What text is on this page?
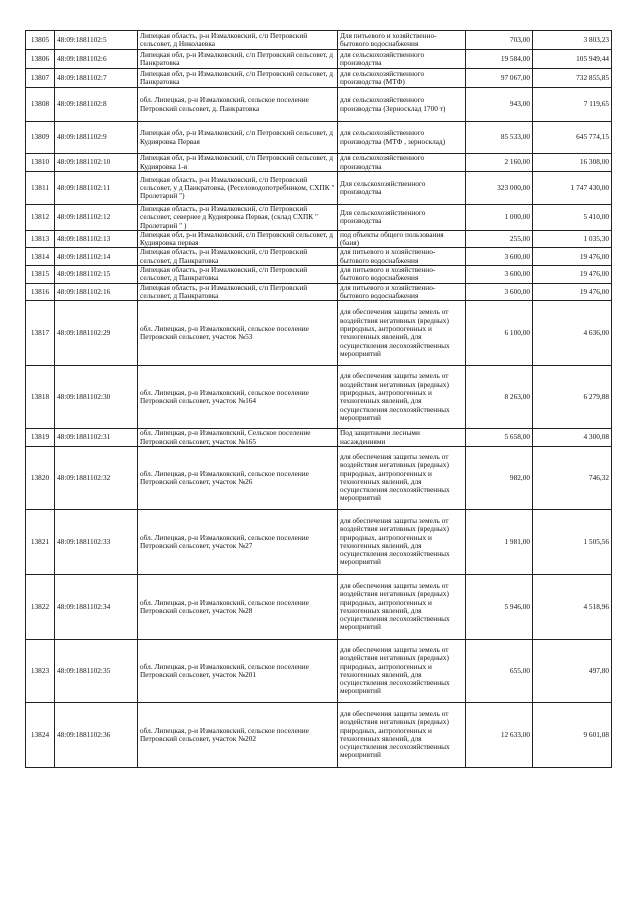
13805	48:09:1881102:5	Липецкая область, р-н Измалковский, с/п Петровский сельсовет, д Николаевка	Для питьевого и хозяйственно-бытового водоснабжения	703,00	3 803,23
13806	48:09:1881102:6	Липецкая обл, р-н Измалковский, с/п Петровский сельсовет, д Панкратовка	для сельскохозяйственного производства	19 584,00	105 949,44
13807	48:09:1881102:7	Липецкая обл, р-н Измалковский, с/п Петровский сельсовет, д Панкратовка	для сельскохозяйственного производства (МТФ)	97 067,00	732 855,85
13808	48:09:1881102:8	обл. Липецкая, р-н Измалковский, сельское поселение Петровский сельсовет, д. Панкратовка	для сельскохозяйственного производства (Зерносклад 1700 т)	943,00	7 119,65
13809	48:09:1881102:9	Липецкая обл, р-н Измалковский, с/п Петровский сельсовет, д Кудияровка Первая	для сельскохозяйственного производства (МТФ , зерносклад)	85 533,00	645 774,15
13810	48:09:1881102:10	Липецкая обл, р-н Измалковский, с/п Петровский сельсовет, д Кудияровка 1-я	для сельскохозяйственного производства	2 160,00	16 308,00
13811	48:09:1881102:11	Липецкая область, р-н Измалковский, с/п Петровский сельсовет, у д Панкратовка, (Реселоводопотребником, СХПК " Пролетарий ")	Для сельскохозяйственного производства	323 000,00	1 747 430,00
13812	48:09:1881102:12	Липецкая область, р-н Измалковский, с/п Петровский сельсовет, севернее д Кудияровка Первая, (склад СХПК " Пролетарий " )	Для сельскохозяйственного производства	1 000,00	5 410,00
13813	48:09:1881102:13	Липецкая обл, р-н Измалковский, с/п Петровский сельсовет, д Кудияровка первая	под объекты общего пользования (баня)	255,00	1 035,30
13814	48:09:1881102:14	Липецкая область, р-н Измалковский, с/п Петровский сельсовет, д Панкратовка	для питьевого и хозяйственно-бытового водоснабжения	3 600,00	19 476,00
13815	48:09:1881102:15	Липецкая область, р-н Измалковский, с/п Петровский сельсовет, д Панкратовка	для питьевого и хозяйственно-бытового водоснабжения	3 600,00	19 476,00
13816	48:09:1881102:16	Липецкая область, р-н Измалковский, с/п Петровский сельсовет, д Панкратовка	для питьевого и хозяйственно-бытового водоснабжения	3 600,00	19 476,00
13817	48:09:1881102:29	обл. Липецкая, р-н Измалковский, сельское поселение Петровский сельсовет, участок №53	для обеспечения защиты земель от воздействия негативных (вредных) природных, антропогенных и техногенных явлений, для осуществления лесохозяйственных мероприятий	6 100,00	4 636,00
13818	48:09:1881102:30	обл. Липецкая, р-н Измалковский, сельское поселение Петровский сельсовет, участок №164	для обеспечения защиты земель от воздействия негативных (вредных) природных, антропогенных и техногенных явлений, для осуществления лесохозяйственных мероприятий	8 263,00	6 279,88
13819	48:09:1881102:31	обл. Липецкая, р-н Измалковский, Сельское поселение Петровский сельсовет, участок №165	Под защитными лесными насаждениями	5 658,00	4 300,08
13820	48:09:1881102:32	обл. Липецкая, р-н Измалковский, сельское поселение Петровский сельсовет, участок №26	для обеспечения защиты земель от воздействия негативных (вредных) природных, антропогенных и техногенных явлений, для осуществления лесохозяйственных мероприятий	982,00	746,32
13821	48:09:1881102:33	обл. Липецкая, р-н Измалковский, сельское поселение Петровский сельсовет, участок №27	для обеспечения защиты земель от воздействия негативных (вредных) природных, антропогенных и техногенных явлений, для осуществления лесохозяйственных мероприятий	1 981,00	1 505,56
13822	48:09:1881102:34	обл. Липецкая, р-н Измалковский, сельское поселение Петровский сельсовет, участок №28	для обеспечения защиты земель от воздействия негативных (вредных) природных, антропогенных и техногенных явлений, для осуществления лесохозяйственных мероприятий	5 946,00	4 518,96
13823	48:09:1881102:35	обл. Липецкая, р-н Измалковский, сельское поселение Петровский сельсовет, участок №201	для обеспечения защиты земель от воздействия негативных (вредных) природных, антропогенных и техногенных явлений, для осуществления лесохозяйственных мероприятий	655,00	497,80
13824	48:09:1881102:36	обл. Липецкая, р-н Измалковский, сельское поселение Петровский сельсовет, участок №202	для обеспечения защиты земель от воздействия негативных (вредных) природных, антропогенных и техногенных явлений, для осуществления лесохозяйственных мероприятий	12 633,00	9 601,08
